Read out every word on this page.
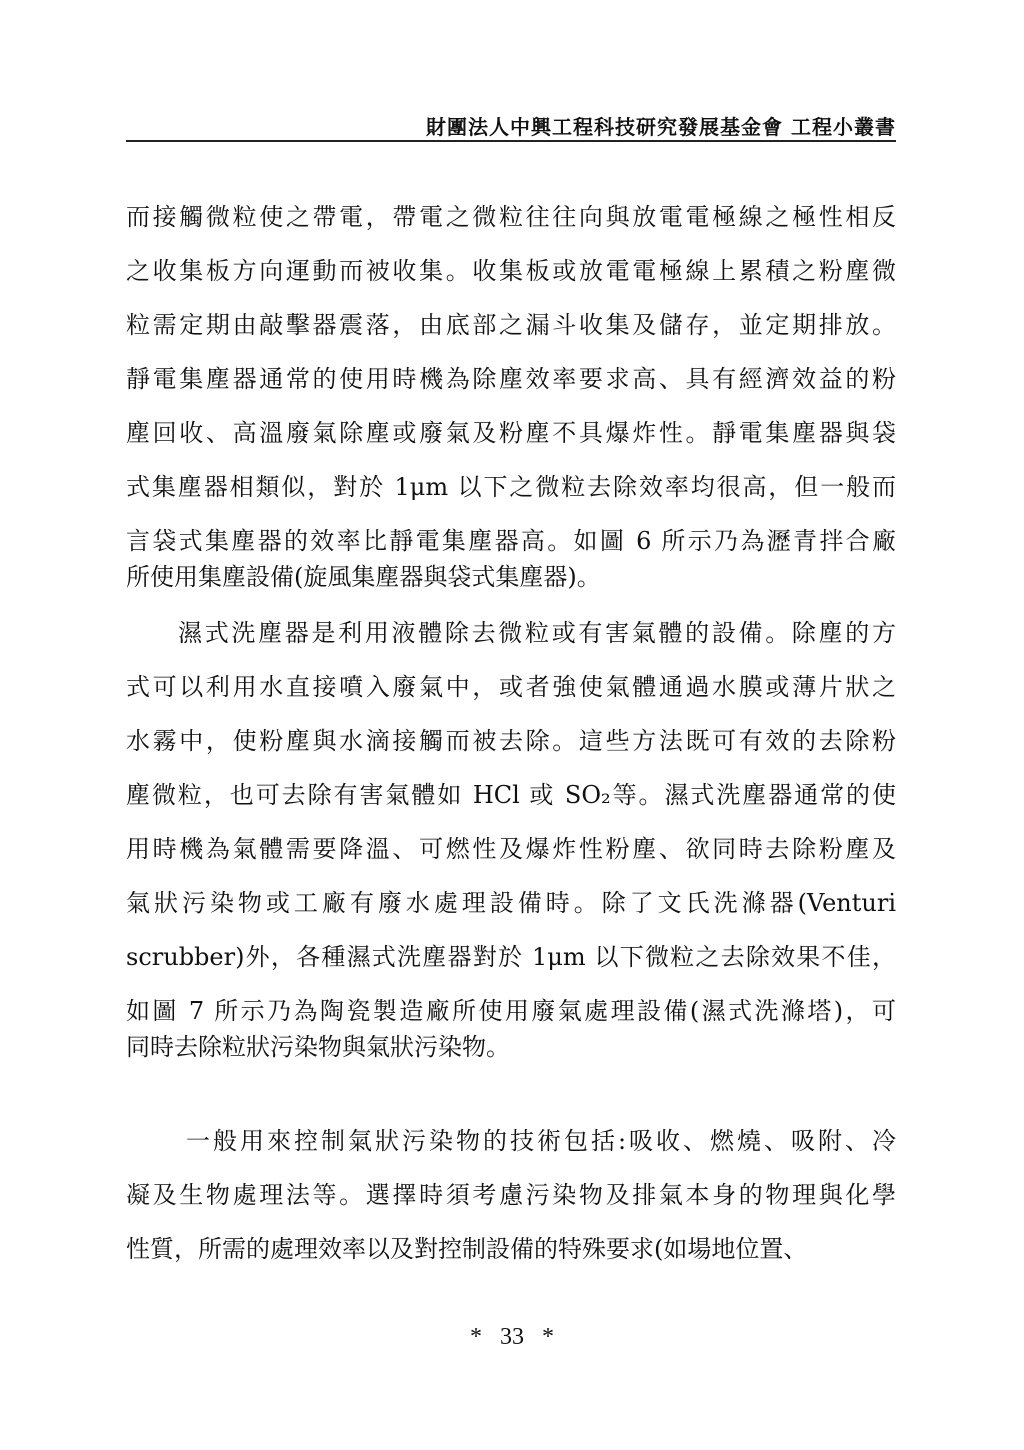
財團法人中興工程科技研究發展基金會 工程小叢書
而接觸微粒使之帶電，帶電之微粒往往向與放電電極線之極性相反
之收集板方向運動而被收集。收集板或放電電極線上累積之粉塵微
粒需定期由敲擊器震落，由底部之漏斗收集及儲存，並定期排放。
靜電集塵器通常的使用時機為除塵效率要求高、具有經濟效益的粉
塵回收、高溫廢氣除塵或廢氣及粉塵不具爆炸性。靜電集塵器與袋
式集塵器相類似，對於 1μm 以下之微粒去除效率均很高，但一般而
言袋式集塵器的效率比靜電集塵器高。如圖 6 所示乃為瀝青拌合廠
所使用集塵設備(旋風集塵器與袋式集塵器)。
濕式洗塵器是利用液體除去微粒或有害氣體的設備。除塵的方
式可以利用水直接噴入廢氣中，或者強使氣體通過水膜或薄片狀之
水霧中，使粉塵與水滴接觸而被去除。這些方法既可有效的去除粉
塵微粒，也可去除有害氣體如 HCl 或 SO₂等。濕式洗塵器通常的使
用時機為氣體需要降溫、可燃性及爆炸性粉塵、欲同時去除粉塵及
氣狀污染物或工廠有廢水處理設備時。除了文氏洗滌器(Venturi
scrubber)外，各種濕式洗塵器對於 1μm 以下微粒之去除效果不佳，
如圖 7 所示乃為陶瓷製造廠所使用廢氣處理設備(濕式洗滌塔)，可
同時去除粒狀污染物與氣狀污染物。
一般用來控制氣狀污染物的技術包括:吸收、燃燒、吸附、冷
凝及生物處理法等。選擇時須考慮污染物及排氣本身的物理與化學
性質，所需的處理效率以及對控制設備的特殊要求(如場地位置、
* 33 *
